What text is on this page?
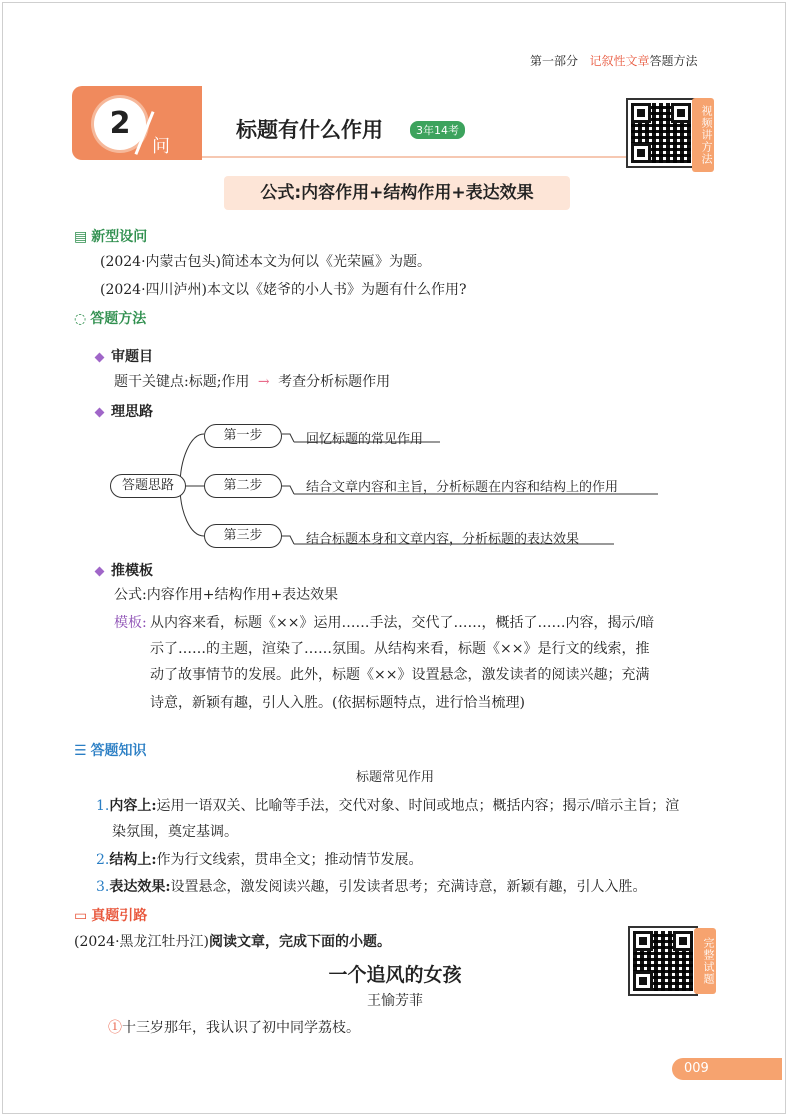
第一部分 记叙性文章答题方法
2
问
标题有什么作用	3年14考	视频讲方法
公式:内容作用+结构作用+表达效果
▤ 新型设问
(2024·内蒙古包头)简述本文为何以《光荣匾》为题。
(2024·四川泸州)本文以《姥爷的小人书》为题有什么作用?
◌ 答题方法
审题目
题干关键点:标题;作用 → 考查分析标题作用
理思路
答题思路
第一步
第二步
第三步
回忆标题的常见作用
结合文章内容和主旨，分析标题在内容和结构上的作用
结合标题本身和文章内容，分析标题的表达效果
推模板
公式:内容作用+结构作用+表达效果
模板: 从内容来看，标题《××》运用……手法，交代了……，概括了……内容，揭示/暗
示了……的主题，渲染了……氛围。从结构来看，标题《××》是行文的线索，推
动了故事情节的发展。此外，标题《××》设置悬念，激发读者的阅读兴趣；充满
诗意，新颖有趣，引人入胜。(依据标题特点，进行恰当梳理)
☰ 答题知识
标题常见作用
1.内容上:运用一语双关、比喻等手法，交代对象、时间或地点；概括内容；揭示/暗示主旨；渲
染氛围，奠定基调。
2.结构上:作为行文线索，贯串全文；推动情节发展。
3.表达效果:设置悬念，激发阅读兴趣，引发读者思考；充满诗意，新颖有趣，引人入胜。
▭ 真题引路
(2024·黑龙江牡丹江)阅读文章，完成下面的小题。	完整试题
一个追风的女孩
王愉芳菲
①十三岁那年，我认识了初中同学荔枝。
009
